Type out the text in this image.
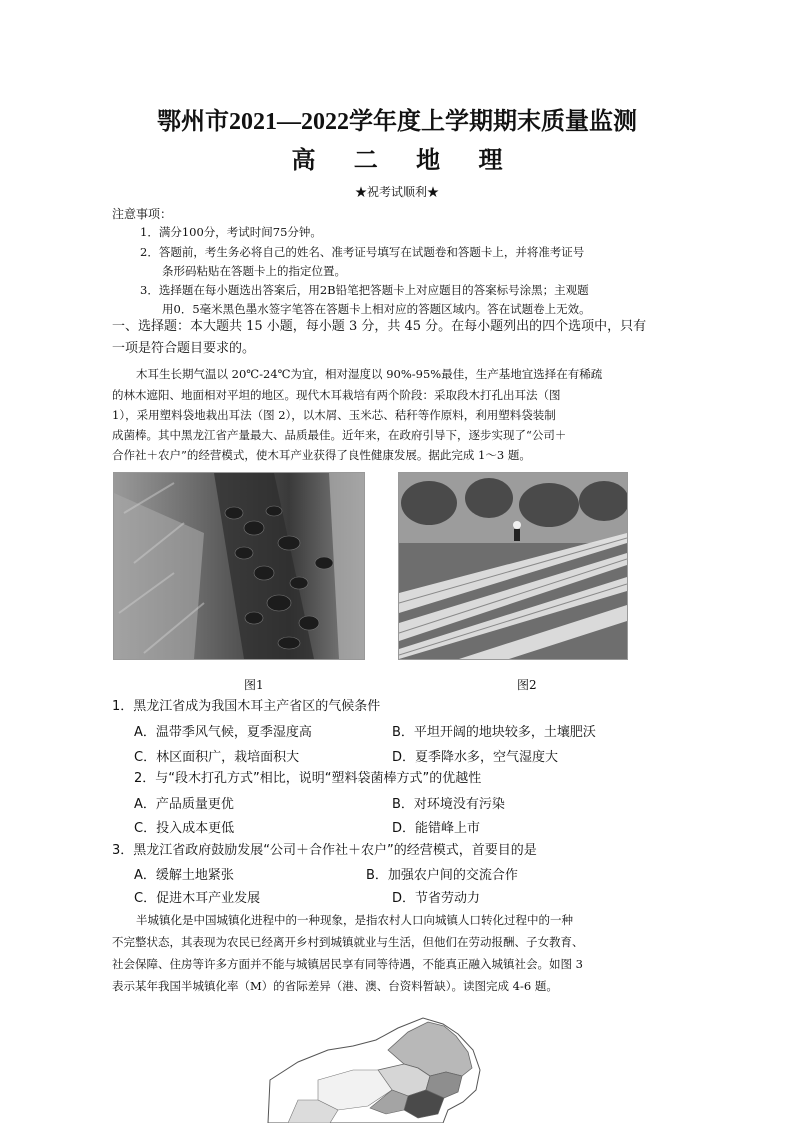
鄂州市2021—2022学年度上学期期末质量监测
高 二 地 理
★祝考试顺利★
注意事项：
1．满分100分，考试时间75分钟。
2．答题前，考生务必将自己的姓名、准考证号填写在试题卷和答题卡上，并将准考证号
条形码粘贴在答题卡上的指定位置。
3．选择题在每小题选出答案后，用2B铅笔把答题卡上对应题目的答案标号涂黑；主观题
用0．5毫米黑色墨水签字笔答在答题卡上相对应的答题区域内。答在试题卷上无效。
一、选择题：本大题共 15 小题，每小题 3 分，共 45 分。在每小题列出的四个选项中，只有
一项是符合题目要求的。
木耳生长期气温以 20℃-24℃为宜，相对湿度以 90%-95%最佳，生产基地宜选择在有稀疏
的林木遮阳、地面相对平坦的地区。现代木耳栽培有两个阶段：采取段木打孔出耳法（图
1），采用塑料袋地栽出耳法（图 2），以木屑、玉米芯、秸秆等作原料，利用塑料袋装制
成菌棒。其中黑龙江省产量最大、品质最佳。近年来，在政府引导下，逐步实现了“公司＋
合作社＋农户”的经营模式，使木耳产业获得了良性健康发展。据此完成 1～3 题。
图1	图2
1．黑龙江省成为我国木耳主产省区的气候条件
A．温带季风气候，夏季湿度高	B．平坦开阔的地块较多，土壤肥沃
C．林区面积广，栽培面积大	D．夏季降水多，空气湿度大
2．与“段木打孔方式”相比，说明“塑料袋菌棒方式”的优越性
A．产品质量更优	B．对环境没有污染
C．投入成本更低	D．能错峰上市
3．黑龙江省政府鼓励发展“公司＋合作社＋农户”的经营模式，首要目的是
A．缓解土地紧张	B．加强农户间的交流合作
C．促进木耳产业发展	D．节省劳动力
半城镇化是中国城镇化进程中的一种现象，是指农村人口向城镇人口转化过程中的一种
不完整状态，其表现为农民已经离开乡村到城镇就业与生活，但他们在劳动报酬、子女教育、
社会保障、住房等许多方面并不能与城镇居民享有同等待遇，不能真正融入城镇社会。如图 3
表示某年我国半城镇化率（M）的省际差异（港、澳、台资料暂缺）。读图完成 4-6 题。
